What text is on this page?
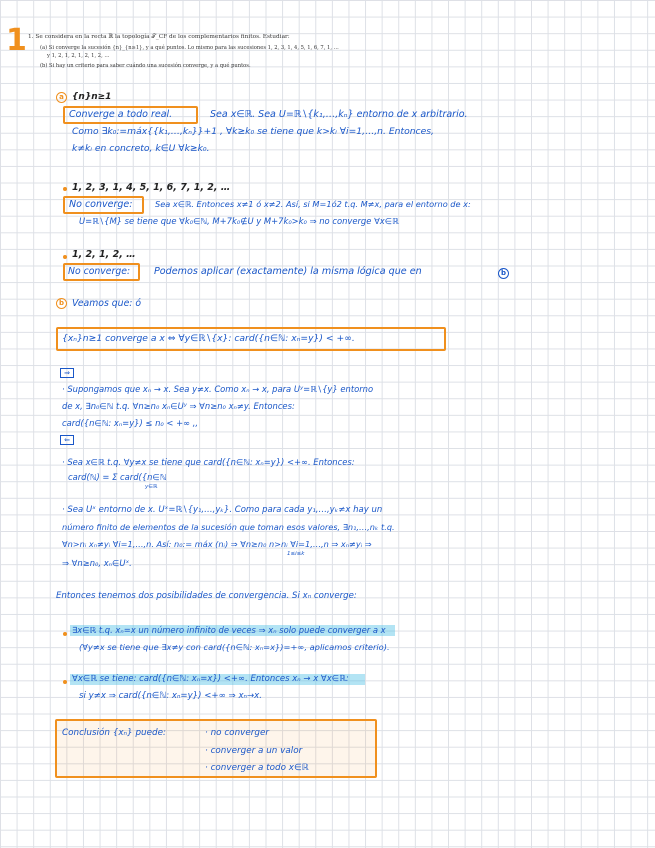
1 1. Se considera en la recta ℝ la topología 𝒯_CF de los complementarios finitos. Estudiar:
(a) Si converge la sucesión {n}_{n≥1}, y a qué puntos. Lo mismo para las sucesiones 1, 2, 3, 1, 4, 5, 1, 6, 7, 1, …
y 1, 2, 1, 2, 1, 2, 1, 2, …
(b) Si hay un criterio para saber cuándo una sucesión converge, y a qué puntos.
a {n}n≥1
Converge a todo real.	Sea x∈ℝ. Sea U=ℝ∖{k₁,…,kₙ} entorno de x arbitrario.
Como ∃k₀:=máx{{k₁,…,kₙ}}+1 , ∀k≥k₀ se tiene que k>kᵢ ∀i=1,…,n. Entonces,
k≠kᵢ en concreto, k∈U ∀k≥k₀.
1, 2, 3, 1, 4, 5, 1, 6, 7, 1, 2, …
No converge:	Sea x∈ℝ. Entonces x≠1 ó x≠2. Así, si M=1ó2 t.q. M≠x, para el entorno de x:
U=ℝ∖{M} se tiene que ∀k₀∈ℕ, M+7k₀∉U y M+7k₀>k₀ ⇒ no converge ∀x∈ℝ
1, 2, 1, 2, …
No converge: Podemos aplicar (exactamente) la misma lógica que en	b
b Veamos que: ó
{xₙ}n≥1 converge a x ⇔ ∀y∈ℝ∖{x}: card({n∈ℕ: xₙ=y}) < +∞.
⇒
· Supongamos que xₙ → x. Sea y≠x. Como xₙ → x, para Uʸ=ℝ∖{y} entorno
de x, ∃n₀∈ℕ t.q. ∀n≥n₀ xₙ∈Uʸ ⇒ ∀n≥n₀ xₙ≠y. Entonces:
card({n∈ℕ: xₙ=y}) ≤ n₀ < +∞ ,,
⇐
· Sea x∈ℝ t.q. ∀y≠x se tiene que card({n∈ℕ: xₙ=y}) <+∞. Entonces:
card(ℕ) = Σ card({n∈ℕ
y∈ℝ
· Sea Uˣ entorno de x. Uˣ=ℝ∖{y₁,…,yₖ}. Como para cada y₁,…,yₖ≠x hay un
número finito de elementos de la sucesión que toman esos valores, ∃n₁,…,nₖ t.q.
∀n>nᵢ xₙ≠yᵢ ∀i=1,…,n. Así: n₀:= máx (nᵢ) ⇒ ∀n≥n₀ n>nᵢ ∀i=1,…,n ⇒ xₙ≠yᵢ ⇒
1≤i≤k
⇒ ∀n≥n₀, xₙ∈Uˣ.
Entonces tenemos dos posibilidades de convergencia. Si xₙ converge:
∃x∈ℝ t.q. xₙ=x un número infinito de veces ⇒ xₙ solo puede converger a x
(∀y≠x se tiene que ∃x≠y con card({n∈ℕ: xₙ=x})=+∞, aplicamos criterio).
∀x∈ℝ se tiene: card({n∈ℕ: xₙ=x}) <+∞. Entonces xₙ → x ∀x∈ℝ:
si y≠x ⇒ card({n∈ℕ: xₙ=y}) <+∞ ⇒ xₙ→x.
Conclusión {xₙ} puede:	· no converger
· converger a un valor
· converger a todo x∈ℝ
